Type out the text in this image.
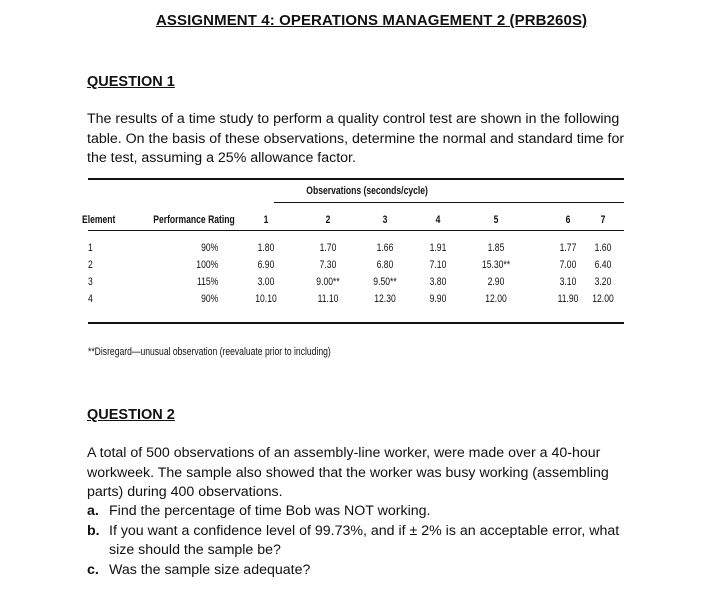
ASSIGNMENT 4: OPERATIONS MANAGEMENT 2 (PRB260S)
QUESTION 1
The results of a time study to perform a quality control test are shown in the following table. On the basis of these observations, determine the normal and standard time for the test, assuming a 25% allowance factor.
Observations (seconds/cycle)
Element	Performance Rating	1	2	3	4	5	6	7
1	90%	1.80	1.70	1.66	1.91	1.85	1.77	1.60
2	100%	6.90	7.30	6.80	7.10	15.30**	7.00	6.40
3	115%	3.00	9.00**	9.50**	3.80	2.90	3.10	3.20
4	90%	10.10	11.10	12.30	9.90	12.00	11.90	12.00
**Disregard—unusual observation (reevaluate prior to including)
QUESTION 2
A total of 500 observations of an assembly-line worker, were made over a 40-hour workweek. The sample also showed that the worker was busy working (assembling parts) during 400 observations.
a. Find the percentage of time Bob was NOT working.
b. If you want a confidence level of 99.73%, and if ± 2% is an acceptable error, what size should the sample be?
c. Was the sample size adequate?
